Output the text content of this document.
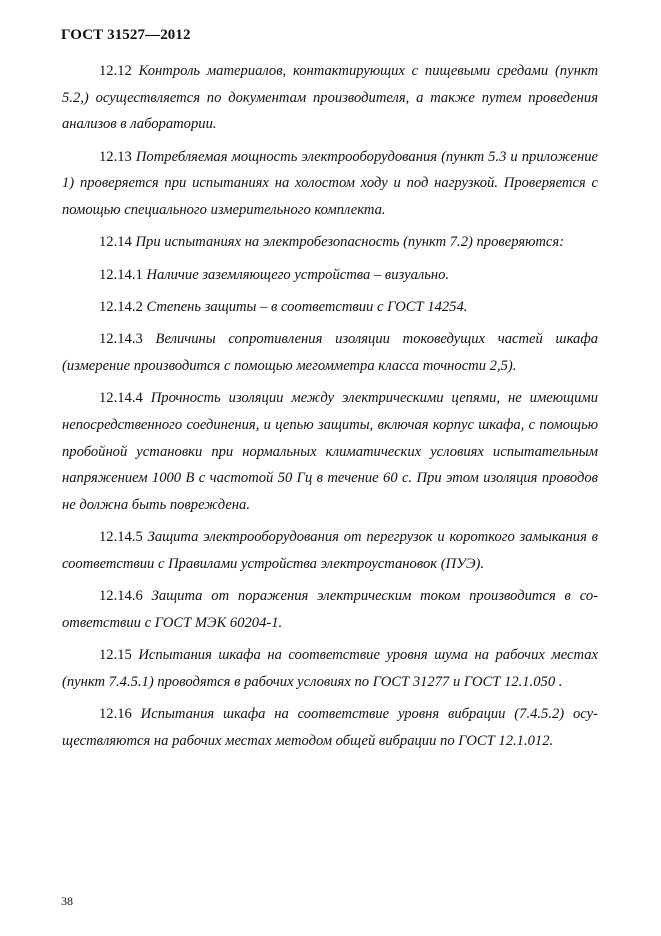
ГОСТ 31527—2012

12.12 Контроль материалов, контактирующих с пищевыми средами (пункт 5.2,) осуществляется по документам производителя, а также путем проведения анализов в лаборатории.

12.13 Потребляемая мощность электрооборудования (пункт 5.3 и приложение 1) проверяется при испытаниях на холостом ходу и под нагрузкой. Проверяется с помощью специального измерительного комплекта.

12.14 При испытаниях на электробезопасность (пункт 7.2) проверяются:

12.14.1 Наличие заземляющего устройства – визуально.

12.14.2 Степень защиты – в соответствии с ГОСТ 14254.

12.14.3 Величины сопротивления изоляции токоведущих частей шкафа (измерение производится с помощью мегомметра класса точности 2,5).

12.14.4 Прочность изоляции между электрическими цепями, не имеющими непосредственного соединения, и цепью защиты, включая корпус шкафа, с помощью пробойной установки при нормальных климатических условиях испытательным напряжением 1000 В с частотой 50 Гц в течение 60 с. При этом изоляция проводов не должна быть повреждена.

12.14.5 Защита электрооборудования от перегрузок и короткого замыкания в соответствии с Правилами устройства электроустановок (ПУЭ).

12.14.6 Защита от поражения электрическим током производится в соответствии с ГОСТ МЭК 60204-1.

12.15 Испытания шкафа на соответствие уровня шума на рабочих местах (пункт 7.4.5.1) проводятся в рабочих условиях по ГОСТ 31277 и ГОСТ 12.1.050 .

12.16 Испытания шкафа на соответствие уровня вибрации (7.4.5.2) осуществляются на рабочих местах методом общей вибрации по ГОСТ 12.1.012.

38
